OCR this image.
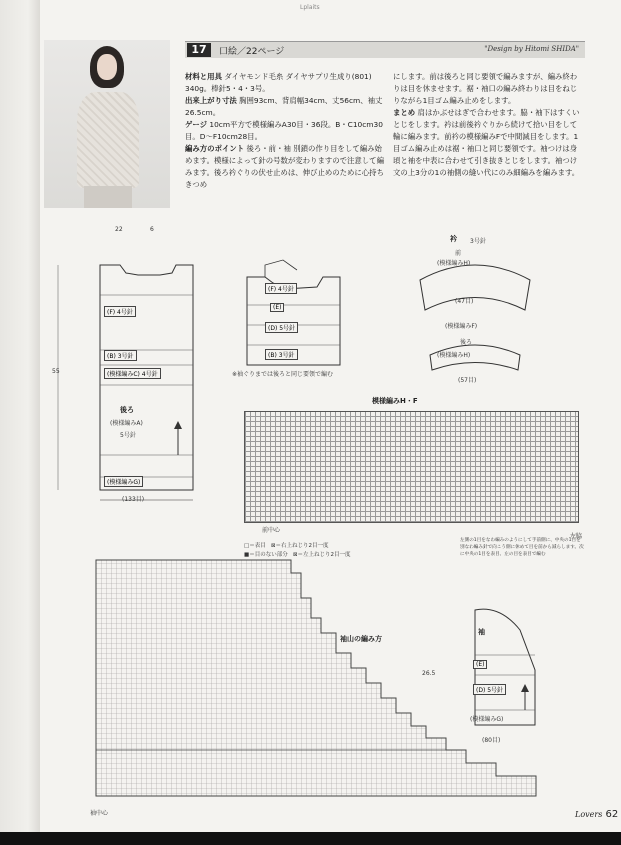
Lplaits
17	口絵／22ページ	"Design by Hitomi SHIDA"
材料と用具 ダイヤモンド毛糸 ダイヤサプリ生成り(801) 340g。棒針5・4・3号。
出来上がり寸法 胸囲93cm、背肩幅34cm、丈56cm、袖丈26.5cm。
ゲージ 10cm平方で模様編みA30目・36段。B・C10cm30目。D〜F10cm28目。
編み方のポイント 後ろ・前・袖 別鎖の作り目をして編み始めます。模様によって針の号数が変わりますので注意して編みます。後ろ衿ぐりの伏せ止めは、伸び止めのために心持ちきつめ
にします。前は後ろと同じ要領で編みますが、編み終わりは目を休ませます。裾・袖口の編み終わりは目をねじりながら1目ゴム編み止めをします。
まとめ 肩はかぶせはぎで合わせます。脇・袖下はすくいとじをします。衿は前後衿ぐりから続けて拾い目をして輪に編みます。前衿の模様編みFで中間減目をします。1目ゴム編み止めは裾・袖口と同じ要領です。袖つけは身頃と袖を中表に合わせて引き抜きとじをします。袖つけ文の上3分の1の袖側の縫い代にのみ細編みを編みます。
22	6
55
(F) 4号針
(B) 3号針
(模様編みC) 4号針
後ろ
(模様編みA)
5号針
(模様編みG)
(133目)
(F) 4号針
(E)
(D) 5号針
(B) 3号針
※袖ぐりまでは後ろと同じ要領で編む
衿 3号針
前
(模様編みH)
(47目)
(模様編みF)
後ろ
(模様編みH)
(57目)
模様編みH・F
前中心
左脇
□＝表目 ⊠＝右上ねじり2目一度
■＝目のない部分 ⊠＝左上ねじり2目一度
左側の1目をなわ編みのようにして手前側に、中央の1目を別なわ編み針で向こう側に休めて目を前から減らします。次に中央の1目を表目、左の目を表目で編む
袖山の編み方
袖中心
袖
(E)
(D) 5号針
(模様編みG)
26.5
(80目)
Lovers 62
